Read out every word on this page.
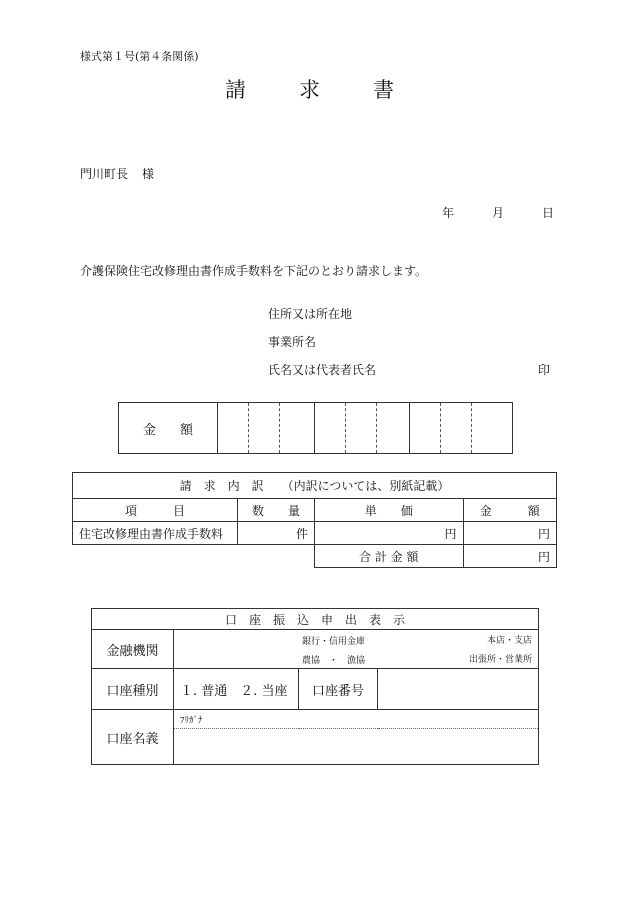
様式第１号(第４条関係)
請	求	書
門川町長 様
年	月	日
介護保険住宅改修理由書作成手数料を下記のとおり請求します。
住所又は所在地
事業所名
氏名又は代表者氏名	印
金 額
請　求　内　訳　　（内訳については、別紙記載）			
項　　　目	数　　量	単　　価	金　　　額
住宅改修理由書作成手数料	件	円	円
		合 計 金 額	円
口　座　振　込　申　出　表　示			
金融機関	銀行・信用金庫 本店・支店		

	農協　・　漁協 出張所・営業所		

口座種別	１. 普通　２. 当座	口座番号	
口座名義	ﾌﾘｶﾞﾅ		
